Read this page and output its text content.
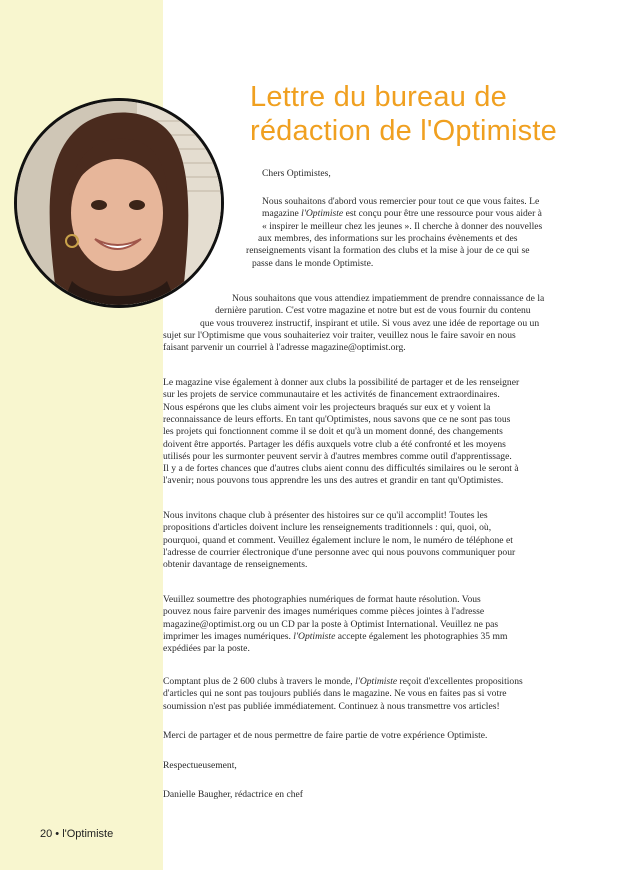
Lettre du bureau de
rédaction de l'Optimiste

Chers Optimistes,

Nous souhaitons d'abord vous remercier pour tout ce que vous faites. Le

magazine l'Optimiste est conçu pour être une ressource pour vous aider à

« inspirer le meilleur chez les jeunes ». Il cherche à donner des nouvelles

aux membres, des informations sur les prochains évènements et des

renseignements visant la formation des clubs et la mise à jour de ce qui se

passe dans le monde Optimiste.

Nous souhaitons que vous attendiez impatiemment de prendre connaissance de la

dernière parution. C'est votre magazine et notre but est de vous fournir du contenu

que vous trouverez instructif, inspirant et utile. Si vous avez une idée de reportage ou un

sujet sur l'Optimisme que vous souhaiteriez voir traiter, veuillez nous le faire savoir en nous

faisant parvenir un courriel à l'adresse magazine@optimist.org.

Le magazine vise également à donner aux clubs la possibilité de partager et de les renseigner

sur les projets de service communautaire et les activités de financement extraordinaires.

Nous espérons que les clubs aiment voir les projecteurs braqués sur eux et y voient la

reconnaissance de leurs efforts. En tant qu'Optimistes, nous savons que ce ne sont pas tous

les projets qui fonctionnent comme il se doit et qu'à un moment donné, des changements

doivent être apportés. Partager les défis auxquels votre club a été confronté et les moyens

utilisés pour les surmonter peuvent servir à d'autres membres comme outil d'apprentissage.

Il y a de fortes chances que d'autres clubs aient connu des difficultés similaires ou le seront à

l'avenir; nous pouvons tous apprendre les uns des autres et grandir en tant qu'Optimistes.

Nous invitons chaque club à présenter des histoires sur ce qu'il accomplit! Toutes les

propositions d'articles doivent inclure les renseignements traditionnels : qui, quoi, où,

pourquoi, quand et comment. Veuillez également inclure le nom, le numéro de téléphone et

l'adresse de courrier électronique d'une personne avec qui nous pouvons communiquer pour

obtenir davantage de renseignements.

Veuillez soumettre des photographies numériques de format haute résolution. Vous

pouvez nous faire parvenir des images numériques comme pièces jointes à l'adresse

magazine@optimist.org ou un CD par la poste à Optimist International. Veuillez ne pas

imprimer les images numériques. l'Optimiste accepte également les photographies 35 mm

expédiées par la poste.

Comptant plus de 2 600 clubs à travers le monde, l'Optimiste reçoit d'excellentes propositions

d'articles qui ne sont pas toujours publiés dans le magazine. Ne vous en faites pas si votre

soumission n'est pas publiée immédiatement. Continuez à nous transmettre vos articles!

Merci de partager et de nous permettre de faire partie de votre expérience Optimiste.

Respectueusement,

Danielle Baugher, rédactrice en chef

20 • l'Optimiste
